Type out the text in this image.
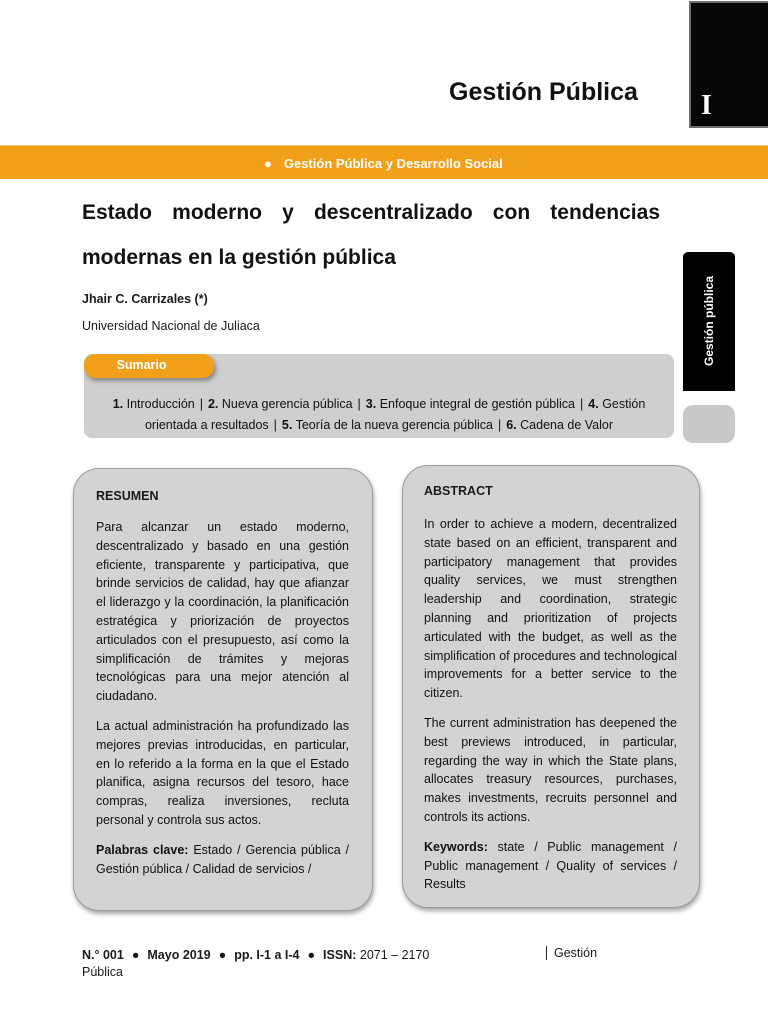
Gestión Pública I
● Gestión Pública y Desarrollo Social
Estado moderno y descentralizado con tendencias modernas en la gestión pública
Jhair C. Carrizales (*)
Universidad Nacional de Juliaca	Gestión pública
Sumario
1. Introducción | 2. Nueva gerencia pública | 3. Enfoque integral de gestión pública | 4. Gestión orientada a resultados | 5. Teoría de la nueva gerencia pública | 6. Cadena de Valor
RESUMEN

Para alcanzar un estado moderno, descentralizado y basado en una gestión eficiente, transparente y participativa, que brinde servicios de calidad, hay que afianzar el liderazgo y la coordinación, la planificación estratégica y priorización de proyectos articulados con el presupuesto, así como la simplificación de trámites y mejoras tecnológicas para una mejor atención al ciudadano.

La actual administración ha profundizado las mejores previas introducidas, en particular, en lo referido a la forma en la que el Estado planifica, asigna recursos del tesoro, hace compras, realiza inversiones, recluta personal y controla sus actos.

Palabras clave: Estado / Gerencia pública / Gestión pública / Calidad de servicios /

ABSTRACT

In order to achieve a modern, decentralized state based on an efficient, transparent and participatory management that provides quality services, we must strengthen leadership and coordination, strategic planning and prioritization of projects articulated with the budget, as well as the simplification of procedures and technological improvements for a better service to the citizen.

The current administration has deepened the best previews introduced, in particular, regarding the way in which the State plans, allocates treasury resources, purchases, makes investments, recruits personnel and controls its actions.

Keywords: state / Public management / Public management / Quality of services / Results

N.° 001 ● Mayo 2019 ● pp. I-1 a I-4 ● ISSN: 2071 – 2170	Gestión
Pública
